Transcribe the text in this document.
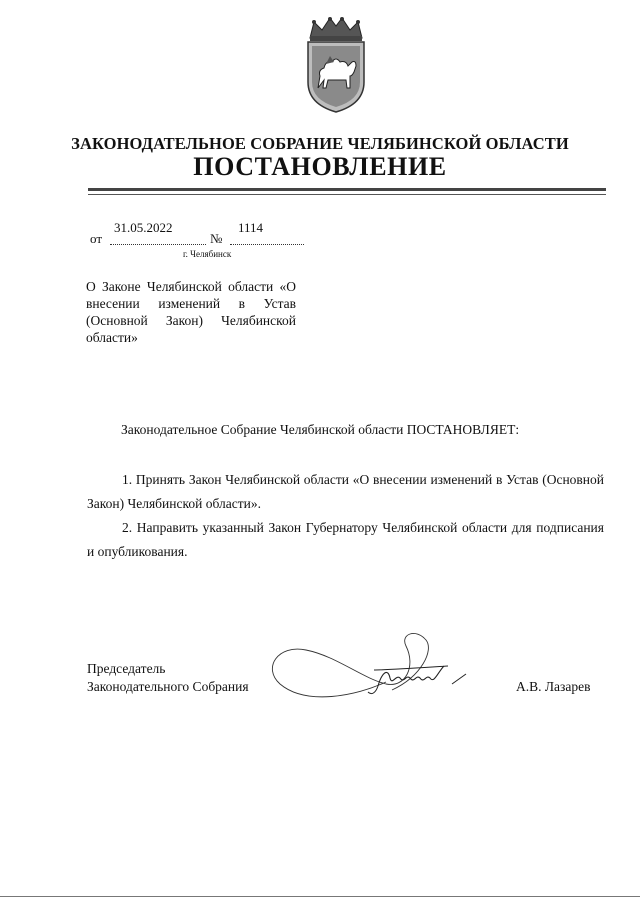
ЗАКОНОДАТЕЛЬНОЕ СОБРАНИЕ ЧЕЛЯБИНСКОЙ ОБЛАСТИ
ПОСТАНОВЛЕНИЕ
от
31.05.2022
№
1114
г. Челябинск
О Законе Челябинской области «О внесении изменений в Устав (Основной Закон) Челябинской области»
Законодательное Собрание Челябинской области ПОСТАНОВЛЯЕТ:
1. Принять Закон Челябинской области «О внесении изменений в Устав (Основной Закон) Челябинской области».
2. Направить указанный Закон Губернатору Челябинской области для подписания и опубликования.
Председатель
Законодательного Собрания	А.В. Лазарев
